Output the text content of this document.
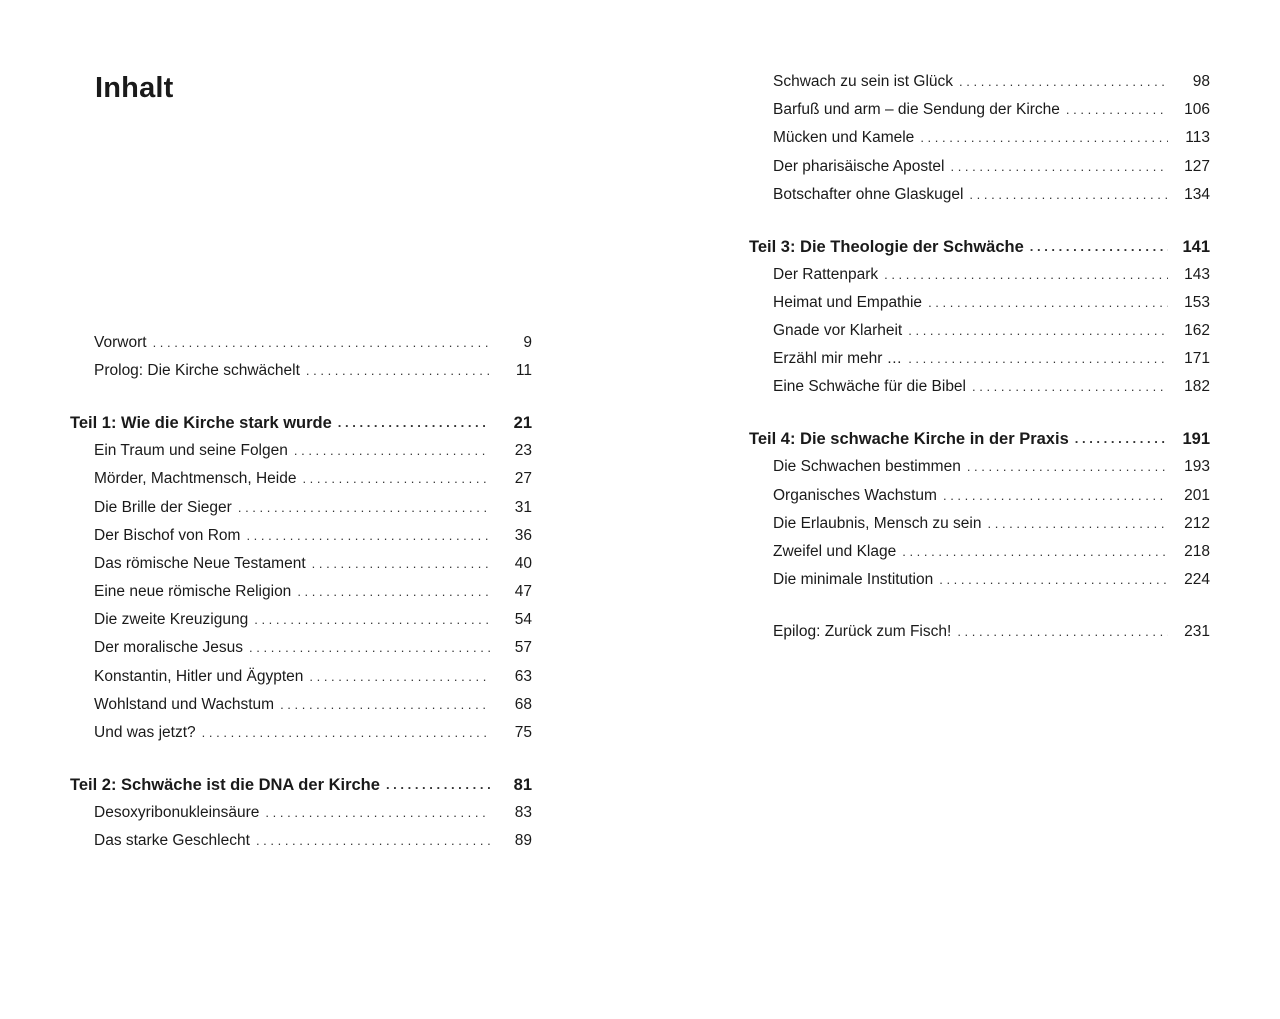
Inhalt
Vorwort . . .	9
Prolog: Die Kirche schwächelt . . .	11
Teil 1: Wie die Kirche stark wurde . . .	21
Ein Traum und seine Folgen . . .	23
Mörder, Machtmensch, Heide . . .	27
Die Brille der Sieger . . .	31
Der Bischof von Rom . . .	36
Das römische Neue Testament . . .	40
Eine neue römische Religion . . .	47
Die zweite Kreuzigung . . .	54
Der moralische Jesus . . .	57
Konstantin, Hitler und Ägypten . . .	63
Wohlstand und Wachstum . . .	68
Und was jetzt? . . .	75
Teil 2: Schwäche ist die DNA der Kirche . . .	81
Desoxyribonukleinsäure . . .	83
Das starke Geschlecht . . .	89
Schwach zu sein ist Glück . . .	98
Barfuß und arm – die Sendung der Kirche . . .	106
Mücken und Kamele . . .	113
Der pharisäische Apostel . . .	127
Botschafter ohne Glaskugel . . .	134
Teil 3: Die Theologie der Schwäche . . .	141
Der Rattenpark . . .	143
Heimat und Empathie . . .	153
Gnade vor Klarheit . . .	162
Erzähl mir mehr … . . .	171
Eine Schwäche für die Bibel . . .	182
Teil 4: Die schwache Kirche in der Praxis . . .	191
Die Schwachen bestimmen . . .	193
Organisches Wachstum . . .	201
Die Erlaubnis, Mensch zu sein . . .	212
Zweifel und Klage . . .	218
Die minimale Institution . . .	224
Epilog: Zurück zum Fisch! . . .	231
